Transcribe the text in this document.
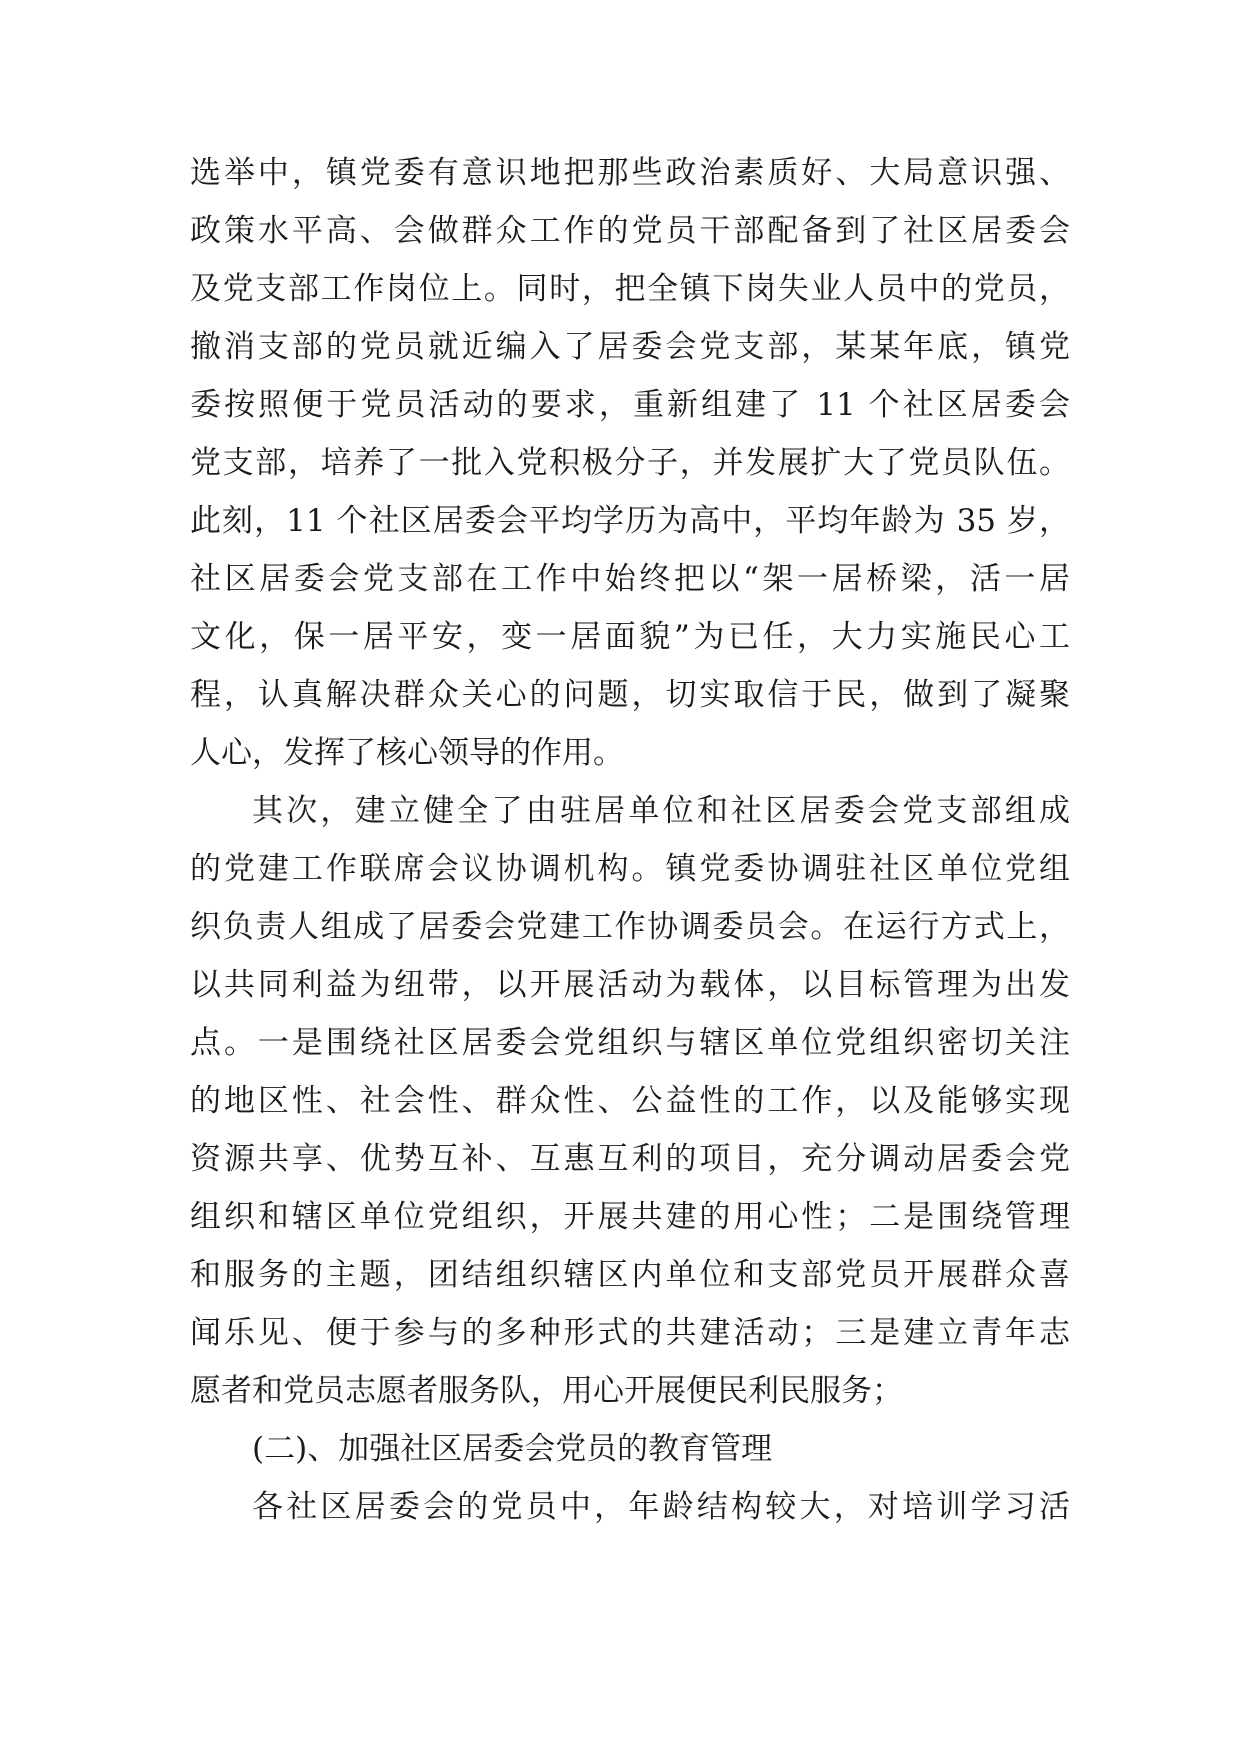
选举中，镇党委有意识地把那些政治素质好、大局意识强、
政策水平高、会做群众工作的党员干部配备到了社区居委会
及党支部工作岗位上。同时，把全镇下岗失业人员中的党员，
撤消支部的党员就近编入了居委会党支部，某某年底，镇党
委按照便于党员活动的要求，重新组建了 11 个社区居委会
党支部，培养了一批入党积极分子，并发展扩大了党员队伍。
此刻，11 个社区居委会平均学历为高中，平均年龄为 35 岁，
社区居委会党支部在工作中始终把以“架一居桥梁，活一居
文化，保一居平安，变一居面貌”为已任，大力实施民心工
程，认真解决群众关心的问题，切实取信于民，做到了凝聚
人心，发挥了核心领导的作用。
其次，建立健全了由驻居单位和社区居委会党支部组成
的党建工作联席会议协调机构。镇党委协调驻社区单位党组
织负责人组成了居委会党建工作协调委员会。在运行方式上，
以共同利益为纽带，以开展活动为载体，以目标管理为出发
点。一是围绕社区居委会党组织与辖区单位党组织密切关注
的地区性、社会性、群众性、公益性的工作，以及能够实现
资源共享、优势互补、互惠互利的项目，充分调动居委会党
组织和辖区单位党组织，开展共建的用心性；二是围绕管理
和服务的主题，团结组织辖区内单位和支部党员开展群众喜
闻乐见、便于参与的多种形式的共建活动；三是建立青年志
愿者和党员志愿者服务队，用心开展便民利民服务；
(二)、加强社区居委会党员的教育管理
各社区居委会的党员中，年龄结构较大，对培训学习活
